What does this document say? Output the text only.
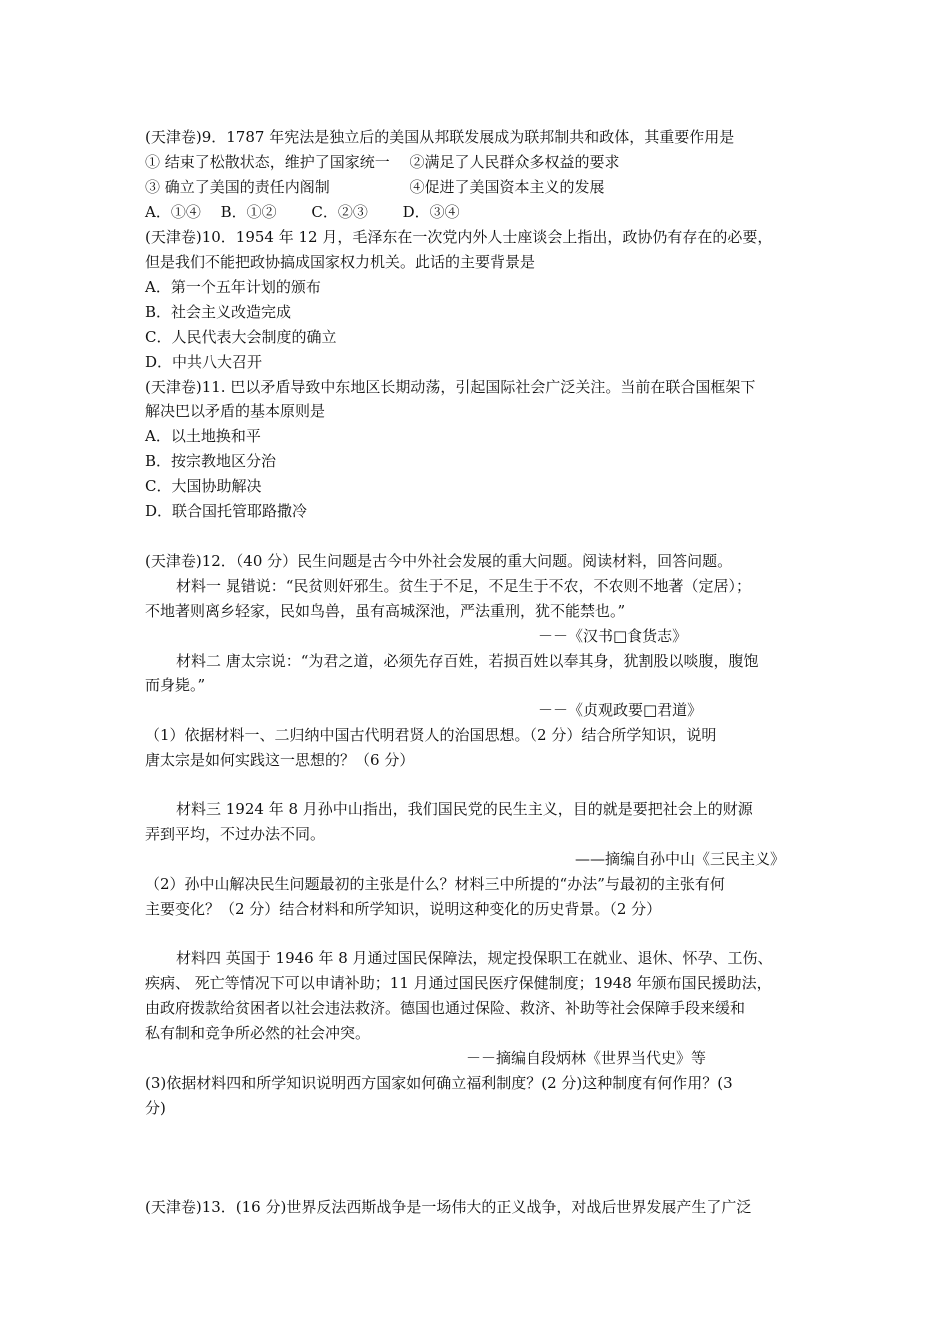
(天津卷)9．1787 年宪法是独立后的美国从邦联发展成为联邦制共和政体，其重要作用是
① 结束了松散状态，维护了国家统一　 ②满足了人民群众多权益的要求
③ 确立了美国的责任内阁制　　　　　 ④促进了美国资本主义的发展
A．①④　 B．①②　　 C．②③　　 D．③④
(天津卷)10．1954 年 12 月，毛泽东在一次党内外人士座谈会上指出，政协仍有存在的必要，
但是我们不能把政协搞成国家权力机关。此话的主要背景是
A．第一个五年计划的颁布
B．社会主义改造完成
C．人民代表大会制度的确立
D．中共八大召开
(天津卷)11. 巴以矛盾导致中东地区长期动荡，引起国际社会广泛关注。当前在联合国框架下
解决巴以矛盾的基本原则是
A．以土地换和平
B．按宗教地区分治
C．大国协助解决
D．联合国托管耶路撒冷
(天津卷)12．（40 分）民生问题是古今中外社会发展的重大问题。阅读材料，回答问题。
材料一 晁错说：“民贫则奸邪生。贫生于不足，不足生于不农，不农则不地著（定居）；
不地著则离乡轻家，民如鸟兽，虽有高城深池，严法重刑，犹不能禁也。”
－－《汉书□食货志》
材料二 唐太宗说：“为君之道，必须先存百姓，若损百姓以奉其身，犹割股以啖腹，腹饱
而身毙。”
－－《贞观政要□君道》
（1）依据材料一、二归纳中国古代明君贤人的治国思想。（2 分）结合所学知识，说明
唐太宗是如何实践这一思想的？（6 分）
材料三 1924 年 8 月孙中山指出，我们国民党的民生主义，目的就是要把社会上的财源
弄到平均，不过办法不同。
——摘编自孙中山《三民主义》
（2）孙中山解决民生问题最初的主张是什么？材料三中所提的“办法”与最初的主张有何
主要变化？（2 分）结合材料和所学知识，说明这种变化的历史背景。（2 分）
材料四 英国于 1946 年 8 月通过国民保障法，规定投保职工在就业、退休、怀孕、工伤、
疾病、 死亡等情况下可以申请补助；11 月通过国民医疗保健制度；1948 年颁布国民援助法，
由政府拨款给贫困者以社会违法救济。德国也通过保险、救济、补助等社会保障手段来缓和
私有制和竞争所必然的社会冲突。
－－摘编自段炳林《世界当代史》等
(3)依据材料四和所学知识说明西方国家如何确立福利制度？(2 分)这种制度有何作用？(3
分)
(天津卷)13．(16 分)世界反法西斯战争是一场伟大的正义战争，对战后世界发展产生了广泛
